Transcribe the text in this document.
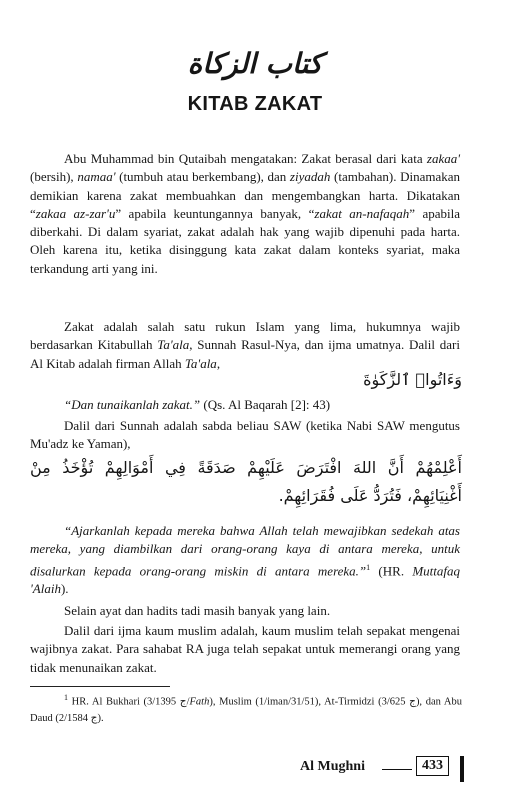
كتاب الزكاة
KITAB ZAKAT
Abu Muhammad bin Qutaibah mengatakan: Zakat berasal dari kata zakaa' (bersih), namaa' (tumbuh atau berkembang), dan ziyadah (tambahan). Dinamakan demikian karena zakat membuahkan dan mengembangkan harta. Dikatakan “zakaa az-zar'u” apabila keuntungannya banyak, “zakat an-nafaqah” apabila diberkahi. Di dalam syariat, zakat adalah hak yang wajib dipenuhi pada harta. Oleh karena itu, ketika disinggung kata zakat dalam konteks syariat, maka terkandung arti yang ini.
Zakat adalah salah satu rukun Islam yang lima, hukumnya wajib berdasarkan Kitabullah Ta'ala, Sunnah Rasul-Nya, dan ijma umatnya. Dalil dari Al Kitab adalah firman Allah Ta'ala,
وَءَاتُوا۟ ٱلزَّكَوٰةَ
“Dan tunaikanlah zakat.” (Qs. Al Baqarah [2]: 43)
Dalil dari Sunnah adalah sabda beliau SAW (ketika Nabi SAW mengutus Mu'adz ke Yaman),
أَعْلِمْهُمْ أَنَّ اللهَ افْتَرَضَ عَلَيْهِمْ صَدَقَةً فِي أَمْوَالِهِمْ تُؤْخَذُ مِنْ أَغْنِيَائِهِمْ، فَتُرَدُّ عَلَى فُقَرَائِهِمْ.
“Ajarkanlah kepada mereka bahwa Allah telah mewajibkan sedekah atas mereka, yang diambilkan dari orang-orang kaya di antara mereka, untuk disalurkan kepada orang-orang miskin di antara mereka.”$^1$ (HR. Muttafaq 'Alaih).
Selain ayat dan hadits tadi masih banyak yang lain.
Dalil dari ijma kaum muslim adalah, kaum muslim telah sepakat mengenai wajibnya zakat. Para sahabat RA juga telah sepakat untuk memerangi orang yang tidak menunaikan zakat.
$^1$ HR. Al Bukhari (3/ج 1395/Fath), Muslim (1/iman/31/51), At-Tirmidzi (3/ج 625), dan Abu Daud (2/ج 1584).
Al Mughni	433
